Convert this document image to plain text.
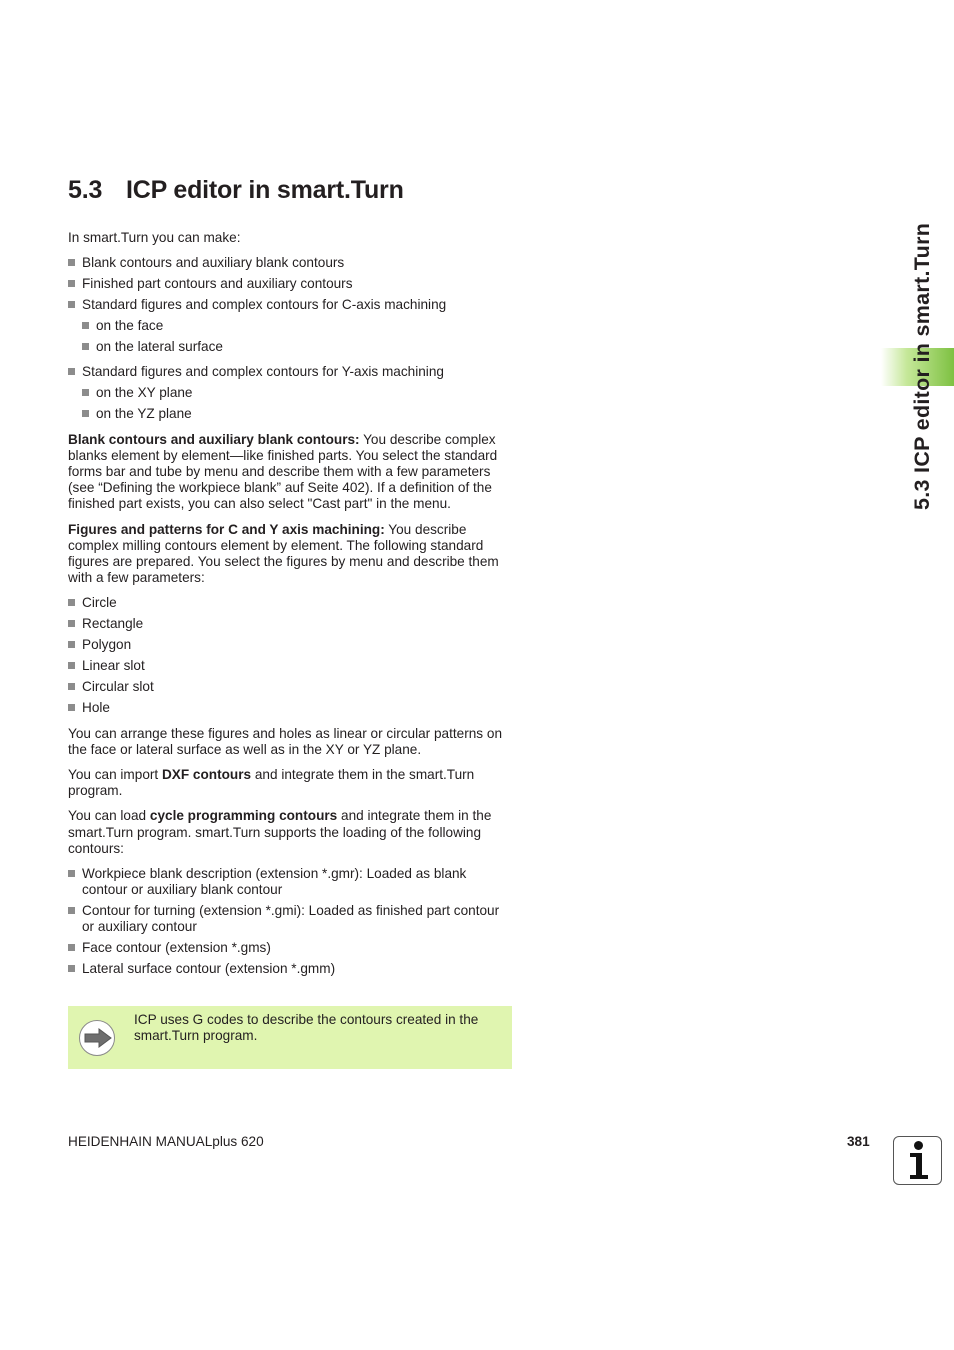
5.3 ICP editor in smart.Turn
5.3 ICP editor in smart.Turn

In smart.Turn you can make:

Blank contours and auxiliary blank contours
Finished part contours and auxiliary contours
Standard figures and complex contours for C-axis machining
on the face
on the lateral surface
Standard figures and complex contours for Y-axis machining
on the XY plane
on the YZ plane

Blank contours and auxiliary blank contours: You describe complex blanks element by element—like finished parts. You select the standard forms bar and tube by menu and describe them with a few parameters (see “Defining the workpiece blank” auf Seite 402). If a definition of the finished part exists, you can also select "Cast part" in the menu.

Figures and patterns for C and Y axis machining: You describe complex milling contours element by element. The following standard figures are prepared. You select the figures by menu and describe them with a few parameters:

Circle
Rectangle
Polygon
Linear slot
Circular slot
Hole

You can arrange these figures and holes as linear or circular patterns on the face or lateral surface as well as in the XY or YZ plane.

You can import DXF contours and integrate them in the smart.Turn program.

You can load cycle programming contours and integrate them in the smart.Turn program. smart.Turn supports the loading of the following contours:

Workpiece blank description (extension *.gmr): Loaded as blank contour or auxiliary blank contour
Contour for turning (extension *.gmi): Loaded as finished part contour or auxiliary contour
Face contour (extension *.gms)
Lateral surface contour (extension *.gmm)
ICP uses G codes to describe the contours created in the smart.Turn program.
HEIDENHAIN MANUALplus 620	381
